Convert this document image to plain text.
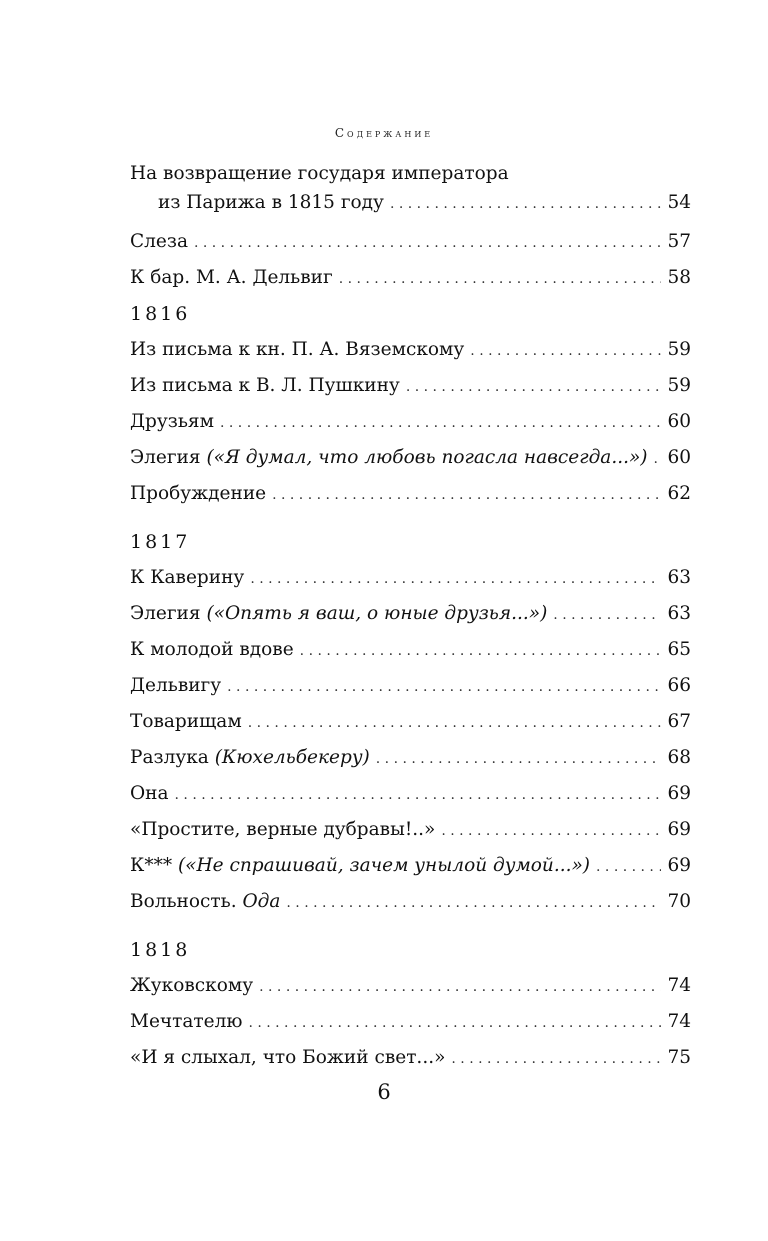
Содержание
На возвращение государя императора
из Парижа в 1815 году . . .	54
Слеза . . .	57
К бар. М. А. Дельвиг . . .	58
1816
Из письма к кн. П. А. Вяземскому . . .	59
Из письма к В. Л. Пушкину . . .	59
Друзьям . . .	60
Элегия («Я думал, что любовь погасла навсегда...») . . . 60
Пробуждение . . .	62
1817
К Каверину . . .	63
Элегия («Опять я ваш, о юные друзья...») . . .	63
К молодой вдове . . .	65
Дельвигу . . .	66
Товарищам . . .	67
Разлука (Кюхельбекеру) . . .	68
Она . . .	69
«Простите, верные дубравы!..» . . .	69
К*** («Не спрашивай, зачем унылой думой...») . . .	69
Вольность. Ода . . .	70
1818
Жуковскому . . .	74
Мечтателю . . .	74
«И я слыхал, что Божий свет...» . . .	75
6
